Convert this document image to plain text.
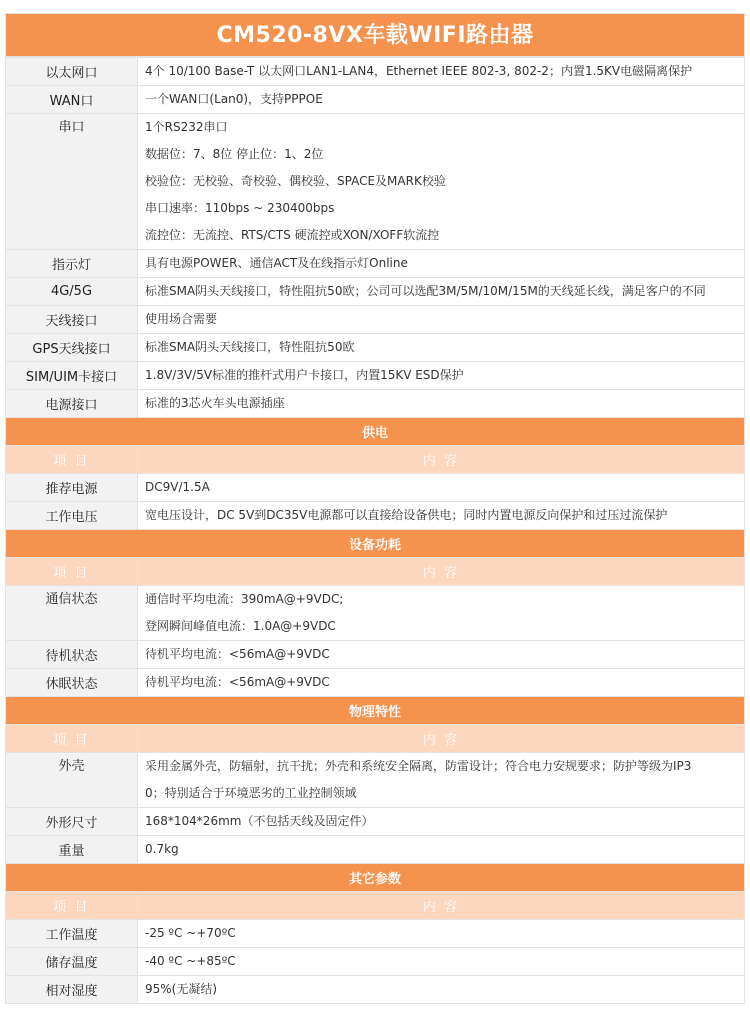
CM520-8VX车载WIFI路由器
以太网口	4个 10/100 Base-T 以太网口LAN1-LAN4，Ethernet IEEE 802-3, 802-2；内置1.5KV电磁隔离保护

WAN口	一个WAN口(Lan0)，支持PPPOE

串口	1个RS232串口
数据位：7、8位 停止位：1、2位
校验位：无校验、奇校验、偶校验、SPACE及MARK校验
串口速率：110bps ~ 230400bps
流控位：无流控、RTS/CTS 硬流控或XON/XOFF软流控

指示灯	具有电源POWER、通信ACT及在线指示灯Online

4G/5G	标准SMA阴头天线接口，特性阻抗50欧；公司可以选配3M/5M/10M/15M的天线延长线，满足客户的不同

天线接口	使用场合需要

GPS天线接口	标准SMA阴头天线接口，特性阻抗50欧

SIM/UIM卡接口	1.8V/3V/5V标准的推杆式用户卡接口，内置15KV ESD保护

电源接口	标准的3芯火车头电源插座

供电	
项 目	内 容
推荐电源	DC9V/1.5A

工作电压	宽电压设计，DC 5V到DC35V电源都可以直接给设备供电；同时内置电源反向保护和过压过流保护

设备功耗	
项 目	内 容

通信状态	通信时平均电流：390mA@+9VDC;
登网瞬间峰值电流：1.0A@+9VDC

待机状态	待机平均电流：<56mA@+9VDC

休眠状态	待机平均电流：<56mA@+9VDC

物理特性	
项 目	内 容

外壳	采用金属外壳，防辐射，抗干扰；外壳和系统安全隔离，防雷设计；符合电力安规要求；防护等级为IP3
0；特别适合于环境恶劣的工业控制领域

外形尺寸	168*104*26mm（不包括天线及固定件）

重量	0.7kg

其它参数	
项 目	内 容
工作温度	-25 ºC ~+70ºC

储存温度	-40 ºC ~+85ºC

相对湿度	95%(无凝结)
